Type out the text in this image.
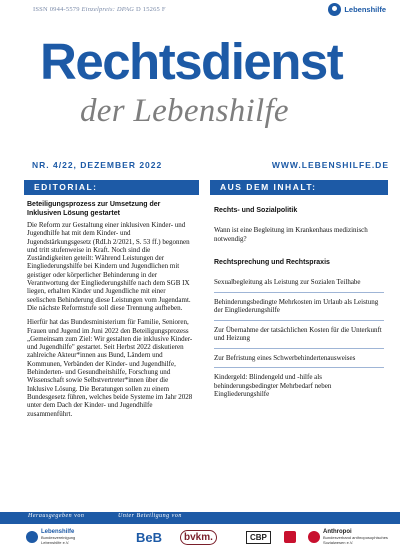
ISSN 0944-5579 Einzelpreis: DPAG D 15265 F	Lebenshilfe
Rechtsdienst
der Lebenshilfe
NR. 4/22, DEZEMBER 2022	WWW.LEBENSHILFE.DE
EDITORIAL:
Beteiligungsprozess zur Umsetzung der Inklusiven Lösung gestartet

Die Reform zur Gestaltung einer inklusiven Kinder- und Jugendhilfe hat mit dem Kinder- und Jugendstärkungsgesetz (RdLh 2/2021, S. 53 ff.) begonnen und tritt stufenweise in Kraft. Noch sind die Zuständigkeiten geteilt: Während Leistungen der Eingliederungshilfe bei Kindern und Jugendlichen mit geistiger oder körperlicher Behinderung in der Verantwortung der Eingliederungshilfe nach dem SGB IX liegen, erhalten Kinder und Jugendliche mit einer seelischen Behinderung diese Leistungen vom Jugendamt. Die nächste Reformstufe soll diese Trennung aufheben.

Hierfür hat das Bundesministerium für Familie, Senioren, Frauen und Jugend im Juni 2022 den Beteiligungsprozess „Gemeinsam zum Ziel: Wir gestalten die inklusive Kinder- und Jugendhilfe" gestartet. Seit Herbst 2022 diskutieren zahlreiche Akteur*innen aus Bund, Ländern und Kommunen, Verbänden der Kinder- und Jugendhilfe, Behinderten- und Gesundheitshilfe, Forschung und Wissenschaft sowie Selbstvertreter*innen über die Inklusive Lösung. Die Beratungen sollen zu einem Bundesgesetz führen, welches beide Systeme im Jahr 2028 unter dem Dach der Kinder- und Jugendhilfe zusammenführt.

AUS DEM INHALT:
Rechts- und Sozialpolitik
Wann ist eine Begleitung im Krankenhaus medizinisch notwendig?
Rechtsprechung und Rechtspraxis
Sexualbegleitung als Leistung zur Sozialen Teilhabe
Behinderungsbedingte Mehrkosten im Urlaub als Leistung der Eingliederungshilfe
Zur Übernahme der tatsächlichen Kosten für die Unterkunft und Heizung
Zur Befristung eines Schwerbehindertenausweises
Kindergeld: Blindengeld und -hilfe als behinderungsbedingter Mehrbedarf neben Eingliederungshilfe
Herausgegeben von	Unter Beteiligung von
Lebenshilfe
Bundesvereinigung Lebenshilfe e.V.	BeB	bvkm.	CBP
Anthropoi
Bundesverband anthroposophisches Sozialwesen e.V.
